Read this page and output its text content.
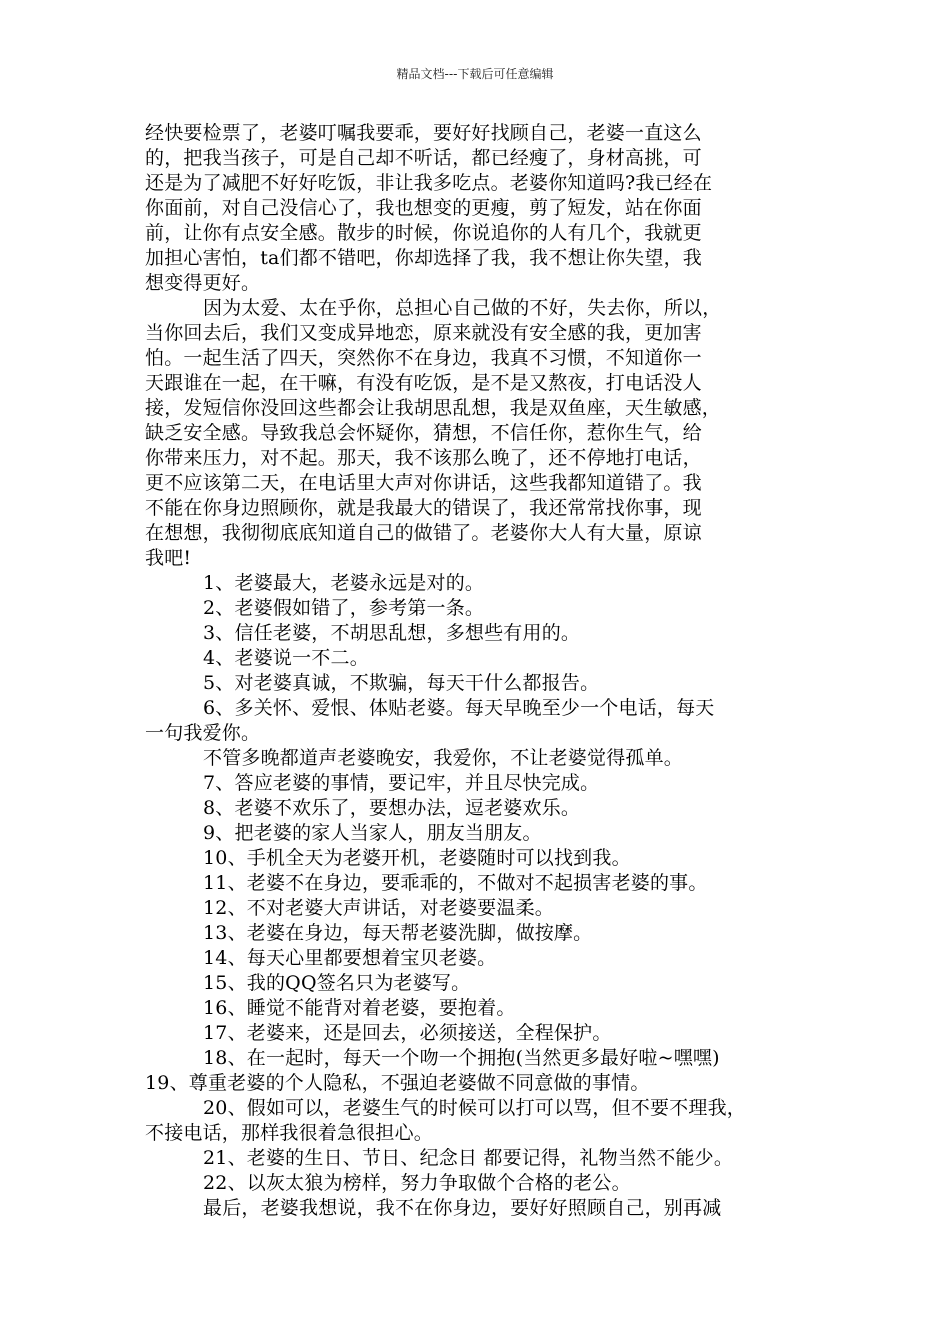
精品文档---下载后可任意编辑

经快要检票了，老婆叮嘱我要乖，要好好找顾自己，老婆一直这么

的，把我当孩子，可是自己却不听话，都已经瘦了，身材高挑，可

还是为了减肥不好好吃饭，非让我多吃点。老婆你知道吗?我已经在

你面前，对自己没信心了，我也想变的更瘦，剪了短发，站在你面

前，让你有点安全感。散步的时候，你说追你的人有几个，我就更

加担心害怕，ta们都不错吧，你却选择了我，我不想让你失望，我

想变得更好。

因为太爱、太在乎你，总担心自己做的不好，失去你，所以，

当你回去后，我们又变成异地恋，原来就没有安全感的我，更加害

怕。一起生活了四天，突然你不在身边，我真不习惯，不知道你一

天跟谁在一起，在干嘛，有没有吃饭，是不是又熬夜，打电话没人

接，发短信你没回这些都会让我胡思乱想，我是双鱼座，天生敏感，

缺乏安全感。导致我总会怀疑你，猜想，不信任你，惹你生气，给

你带来压力，对不起。那天，我不该那么晚了，还不停地打电话，

更不应该第二天，在电话里大声对你讲话，这些我都知道错了。我

不能在你身边照顾你，就是我最大的错误了，我还常常找你事，现

在想想，我彻彻底底知道自己的做错了。老婆你大人有大量，原谅

我吧!

1、老婆最大，老婆永远是对的。

2、老婆假如错了，参考第一条。

3、信任老婆，不胡思乱想，多想些有用的。

4、老婆说一不二。

5、对老婆真诚，不欺骗，每天干什么都报告。

6、多关怀、爱恨、体贴老婆。每天早晚至少一个电话，每天

一句我爱你。

不管多晚都道声老婆晚安，我爱你，不让老婆觉得孤单。

7、答应老婆的事情，要记牢，并且尽快完成。

8、老婆不欢乐了，要想办法，逗老婆欢乐。

9、把老婆的家人当家人，朋友当朋友。

10、手机全天为老婆开机，老婆随时可以找到我。

11、老婆不在身边，要乖乖的，不做对不起损害老婆的事。

12、不对老婆大声讲话，对老婆要温柔。

13、老婆在身边，每天帮老婆洗脚，做按摩。

14、每天心里都要想着宝贝老婆。

15、我的QQ签名只为老婆写。

16、睡觉不能背对着老婆，要抱着。

17、老婆来，还是回去，必须接送，全程保护。

18、在一起时，每天一个吻一个拥抱(当然更多最好啦~嘿嘿)

19、尊重老婆的个人隐私，不强迫老婆做不同意做的事情。

20、假如可以，老婆生气的时候可以打可以骂，但不要不理我，

不接电话，那样我很着急很担心。

21、老婆的生日、节日、纪念日 都要记得，礼物当然不能少。

22、以灰太狼为榜样，努力争取做个合格的老公。

最后，老婆我想说，我不在你身边，要好好照顾自己，别再减
